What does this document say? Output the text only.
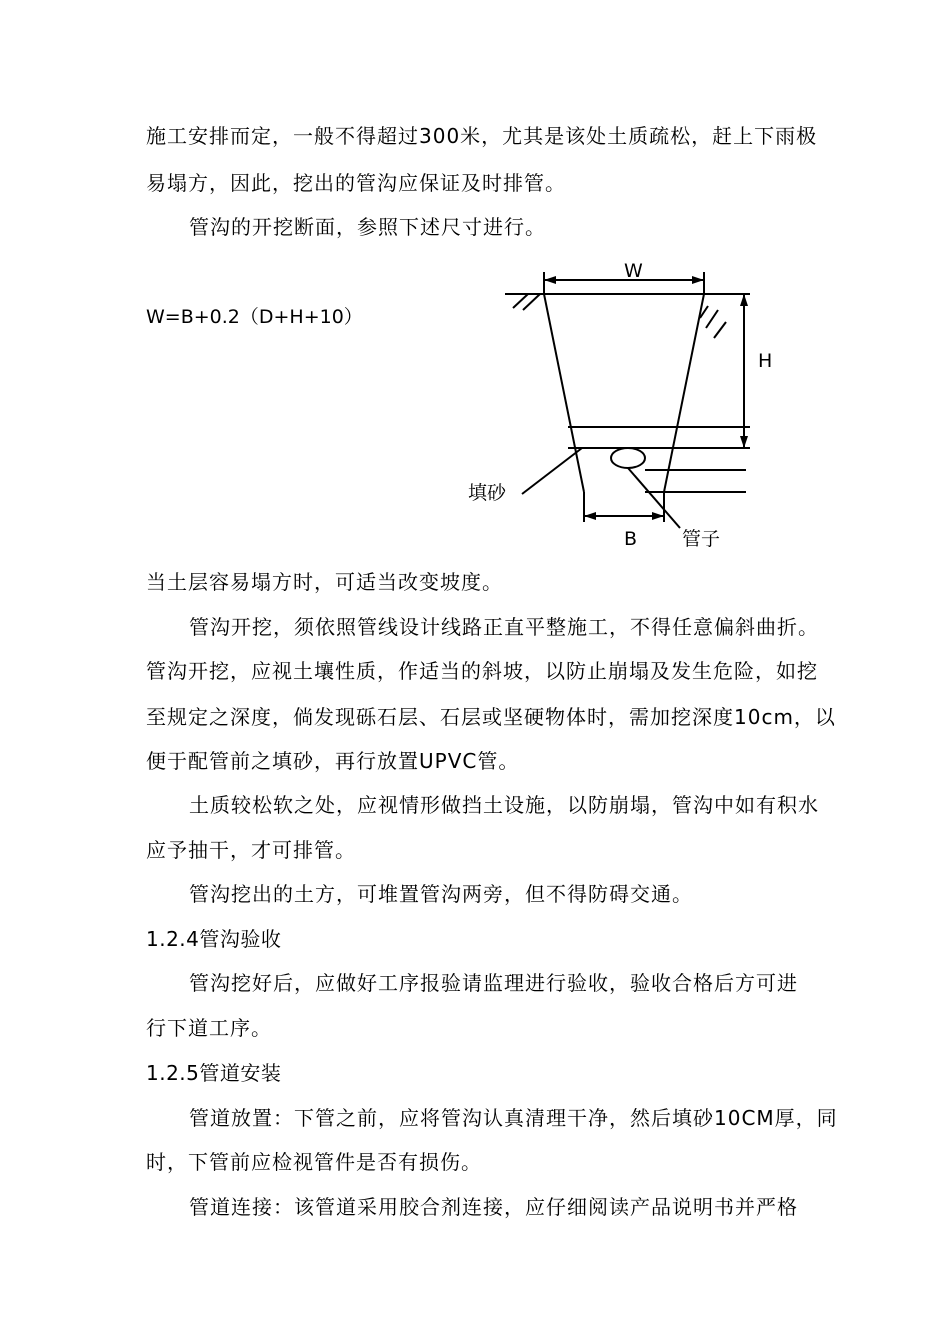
施工安排而定，一般不得超过300米，尤其是该处土质疏松，赶上下雨极
易塌方，因此，挖出的管沟应保证及时排管。
管沟的开挖断面，参照下述尺寸进行。
W=B+0.2（D+H+10）
W
H
填砂
B 管子
当土层容易塌方时，可适当改变坡度。
管沟开挖，须依照管线设计线路正直平整施工，不得任意偏斜曲折。
管沟开挖，应视土壤性质，作适当的斜坡，以防止崩塌及发生危险，如挖
至规定之深度，倘发现砾石层、石层或坚硬物体时，需加挖深度10cm，以
便于配管前之填砂，再行放置UPVC管。
土质较松软之处，应视情形做挡土设施，以防崩塌，管沟中如有积水
应予抽干，才可排管。
管沟挖出的土方，可堆置管沟两旁，但不得防碍交通。
1.2.4管沟验收
管沟挖好后，应做好工序报验请监理进行验收，验收合格后方可进
行下道工序。
1.2.5管道安装
管道放置：下管之前，应将管沟认真清理干净，然后填砂10CM厚，同
时，下管前应检视管件是否有损伤。
管道连接：该管道采用胶合剂连接，应仔细阅读产品说明书并严格
